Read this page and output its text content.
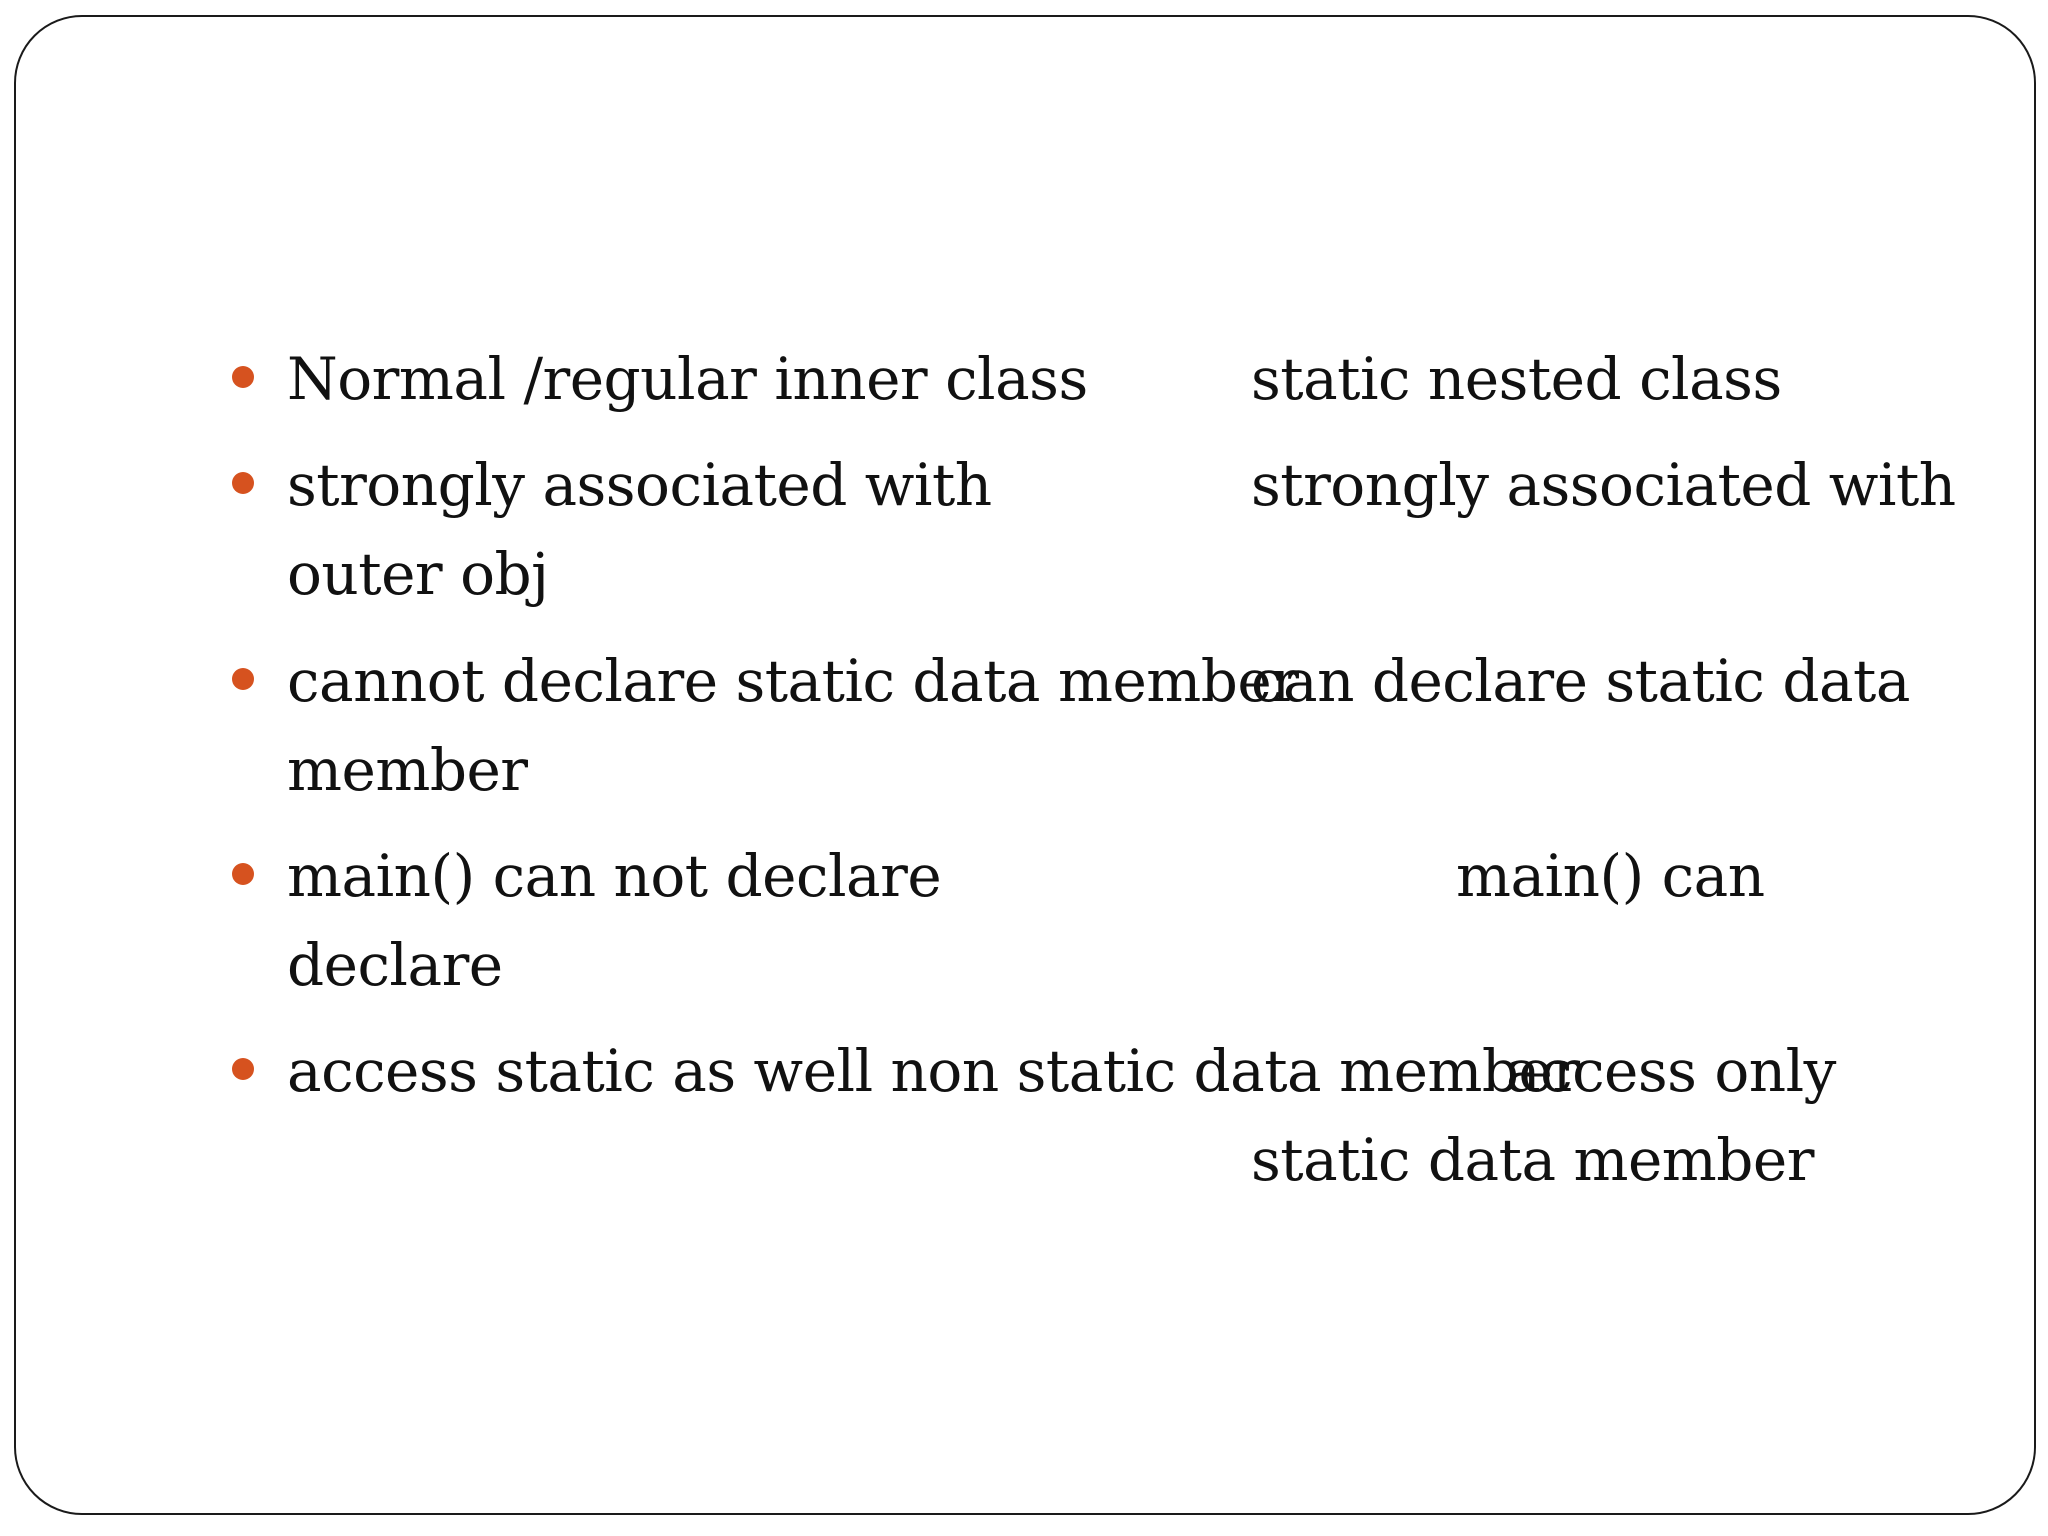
Normal /regular inner class	static nested class
strongly associated with
outer obj
strongly associated with
cannot declare static data member
member
can declare static data
main() can not declare
declare
main() can
access static as well non static data member
access only
static data member
